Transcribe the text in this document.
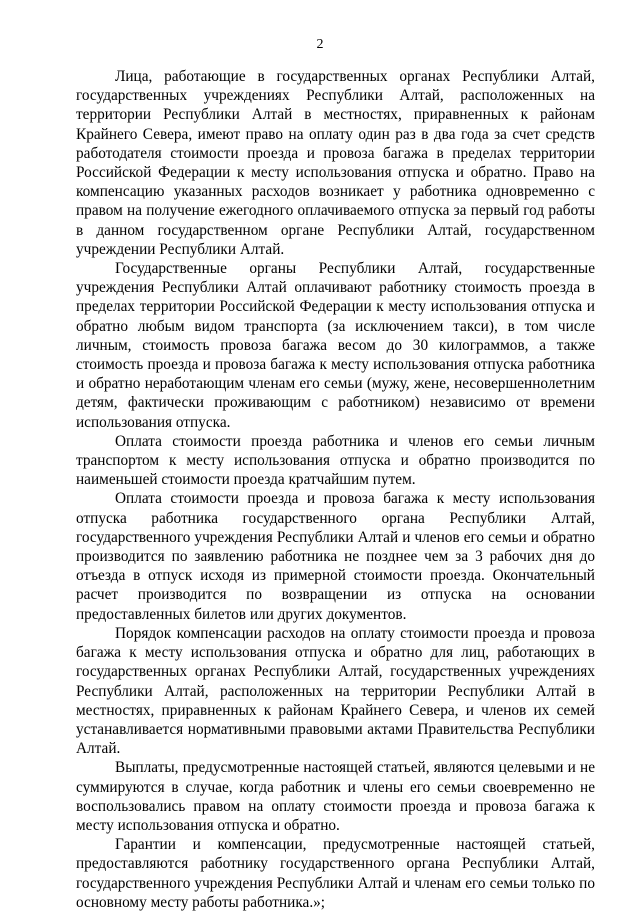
2

Лица, работающие в государственных органах Республики Алтай, государственных учреждениях Республики Алтай, расположенных на территории Республики Алтай в местностях, приравненных к районам Крайнего Севера, имеют право на оплату один раз в два года за счет средств работодателя стоимости проезда и провоза багажа в пределах территории Российской Федерации к месту использования отпуска и обратно. Право на компенсацию указанных расходов возникает у работника одновременно с правом на получение ежегодного оплачиваемого отпуска за первый год работы в данном государственном органе Республики Алтай, государственном учреждении Республики Алтай.

Государственные органы Республики Алтай, государственные учреждения Республики Алтай оплачивают работнику стоимость проезда в пределах территории Российской Федерации к месту использования отпуска и обратно любым видом транспорта (за исключением такси), в том числе личным, стоимость провоза багажа весом до 30 килограммов, а также стоимость проезда и провоза багажа к месту использования отпуска работника и обратно неработающим членам его семьи (мужу, жене, несовершеннолетним детям, фактически проживающим с работником) независимо от времени использования отпуска.

Оплата стоимости проезда работника и членов его семьи личным транспортом к месту использования отпуска и обратно производится по наименьшей стоимости проезда кратчайшим путем.

Оплата стоимости проезда и провоза багажа к месту использования отпуска работника государственного органа Республики Алтай, государственного учреждения Республики Алтай и членов его семьи и обратно производится по заявлению работника не позднее чем за 3 рабочих дня до отъезда в отпуск исходя из примерной стоимости проезда. Окончательный расчет производится по возвращении из отпуска на основании предоставленных билетов или других документов.

Порядок компенсации расходов на оплату стоимости проезда и провоза багажа к месту использования отпуска и обратно для лиц, работающих в государственных органах Республики Алтай, государственных учреждениях Республики Алтай, расположенных на территории Республики Алтай в местностях, приравненных к районам Крайнего Севера, и членов их семей устанавливается нормативными правовыми актами Правительства Республики Алтай.

Выплаты, предусмотренные настоящей статьей, являются целевыми и не суммируются в случае, когда работник и члены его семьи своевременно не воспользовались правом на оплату стоимости проезда и провоза багажа к месту использования отпуска и обратно.

Гарантии и компенсации, предусмотренные настоящей статьей, предоставляются работнику государственного органа Республики Алтай, государственного учреждения Республики Алтай и членам его семьи только по основному месту работы работника.»;
